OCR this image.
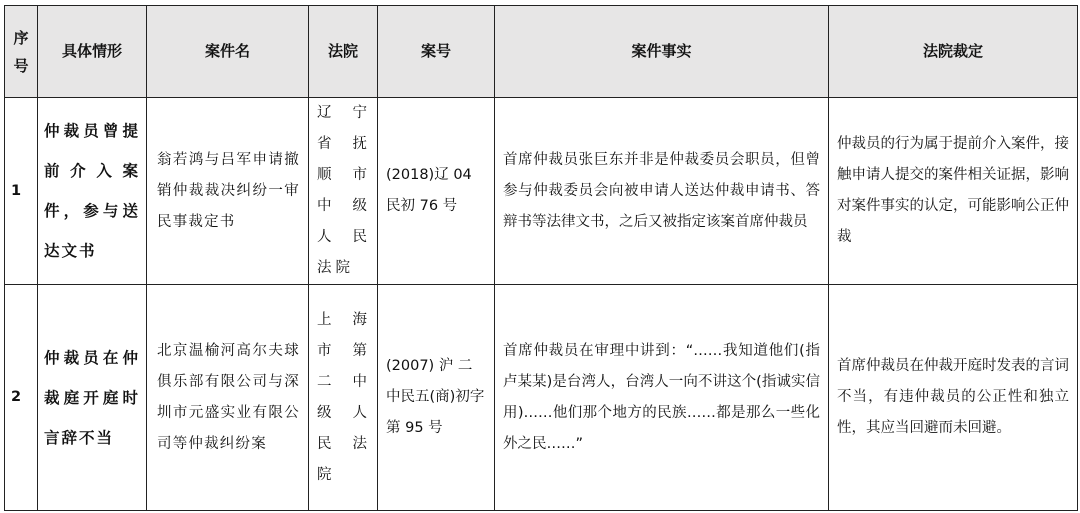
序
号	具体情形	案件名	法院	案号	案件事实	法院裁定
1	仲裁员曾提前介入案件，参与送达文书	翁若鸿与吕军申请撤销仲裁裁决纠纷一审民事裁定书	辽宁省抚顺市中级人民法院	(2018)辽 04 民初 76 号	首席仲裁员张巨东并非是仲裁委员会职员，但曾参与仲裁委员会向被申请人送达仲裁申请书、答辩书等法律文书，之后又被指定该案首席仲裁员	仲裁员的行为属于提前介入案件，接触申请人提交的案件相关证据，影响对案件事实的认定，可能影响公正仲裁
2	仲裁员在仲裁庭开庭时言辞不当	北京温榆河高尔夫球俱乐部有限公司与深圳市元盛实业有限公司等仲裁纠纷案	上海市第二中级人民法院	(2007) 沪 二中民五(商)初字第 95 号	首席仲裁员在审理中讲到：“……我知道他们(指卢某某)是台湾人，台湾人一向不讲这个(指诚实信用)……他们那个地方的民族……都是那么一些化外之民……”	首席仲裁员在仲裁开庭时发表的言词不当，有违仲裁员的公正性和独立性，其应当回避而未回避。
